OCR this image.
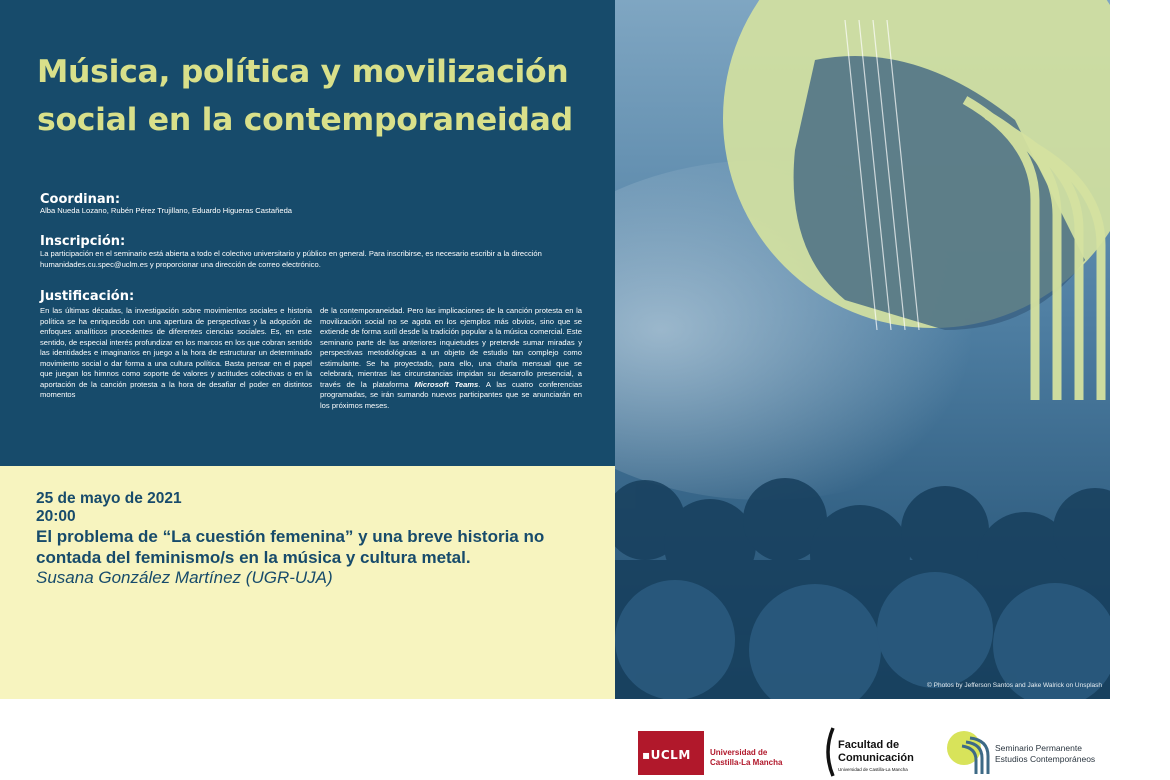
Música, política y movilización social en la contemporaneidad
Coordinan:

Alba Nueda Lozano, Rubén Pérez Trujillano, Eduardo Higueras Castañeda

Inscripción:

La participación en el seminario está abierta a todo el colectivo universitario y público en general. Para inscribirse, es necesario escribir a la dirección humanidades.cu.spec@uclm.es y proporcionar una dirección de correo electrónico.

Justificación:

En las últimas décadas, la investigación sobre movimientos sociales e historia política se ha enriquecido con una apertura de perspectivas y la adopción de enfoques analíticos procedentes de diferentes ciencias sociales. Es, en este sentido, de especial interés profundizar en los marcos en los que cobran sentido las identidades e imaginarios en juego a la hora de estructurar un determinado movimiento social o dar forma a una cultura política. Basta pensar en el papel que juegan los himnos como soporte de valores y actitudes colectivas o en la aportación de la canción protesta a la hora de desafiar el poder en distintos momentos

de la contemporaneidad. Pero las implicaciones de la canción protesta en la movilización social no se agota en los ejemplos más obvios, sino que se extiende de forma sutil desde la tradición popular a la música comercial. Este seminario parte de las anteriores inquietudes y pretende sumar miradas y perspectivas metodológicas a un objeto de estudio tan complejo como estimulante. Se ha proyectado, para ello, una charla mensual que se celebrará, mientras las circunstancias impidan su desarrollo presencial, a través de la plataforma Microsoft Teams. A las cuatro conferencias programadas, se irán sumando nuevos participantes que se anunciarán en los próximos meses.

25 de mayo de 2021
20:00
El problema de “La cuestión femenina” y una breve historia no contada del feminismo/s en la música y cultura metal.
Susana González Martínez (UGR-UJA)
© Photos by Jefferson Santos and Jake Walrick on Unsplash
▪UCLM Universidad de
Castilla-La Mancha
Facultad de
Comunicación
Universidad de Castilla-La Mancha
Seminario Permanente
Estudios Contemporáneos
